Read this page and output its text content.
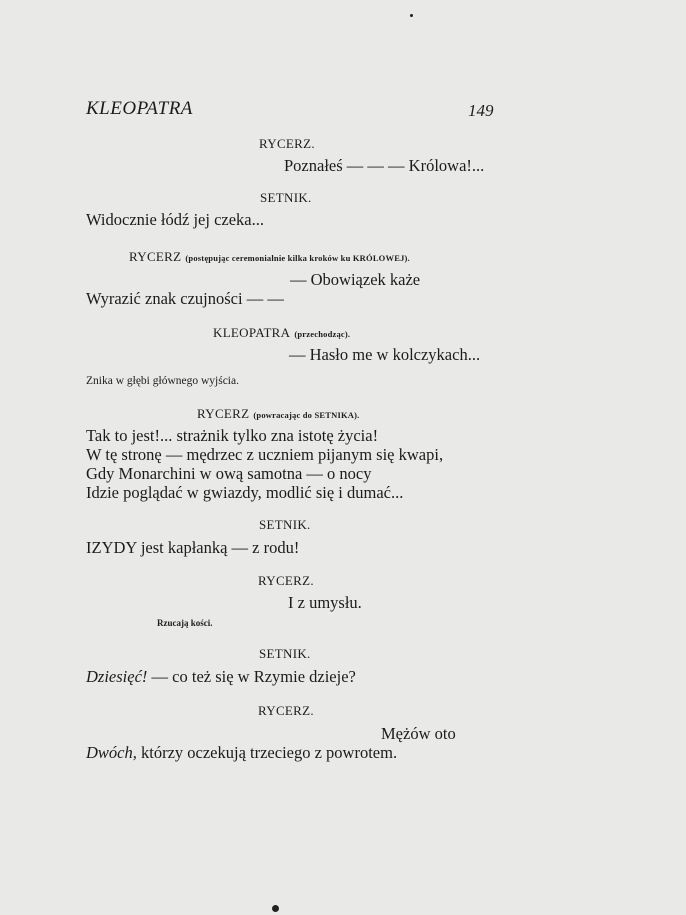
KLEOPATRA	149
RYCERZ.
Poznałeś — — — Królowa!...
SETNIK.
Widocznie łódź jej czeka...
RYCERZ (postępując ceremonialnie kilka kroków ku KRÓLOWEJ).
— Obowiązek każe
Wyrazić znak czujności — —
KLEOPATRA (przechodząc).
— Hasło me w kolczykach...
Znika w głębi głównego wyjścia.
RYCERZ (powracając do SETNIKA).
Tak to jest!... strażnik tylko zna istotę życia!
W tę stronę — mędrzec z uczniem pijanym się kwapi,
Gdy Monarchini w ową samotna — o nocy
Idzie poglądać w gwiazdy, modlić się i dumać...
SETNIK.
IZYDY jest kapłanką — z rodu!
RYCERZ.
I z umysłu.
Rzucają kości.
SETNIK.
Dziesięć! — co też się w Rzymie dzieje?
RYCERZ.
Mężów oto
Dwóch, którzy oczekują trzeciego z powrotem.
